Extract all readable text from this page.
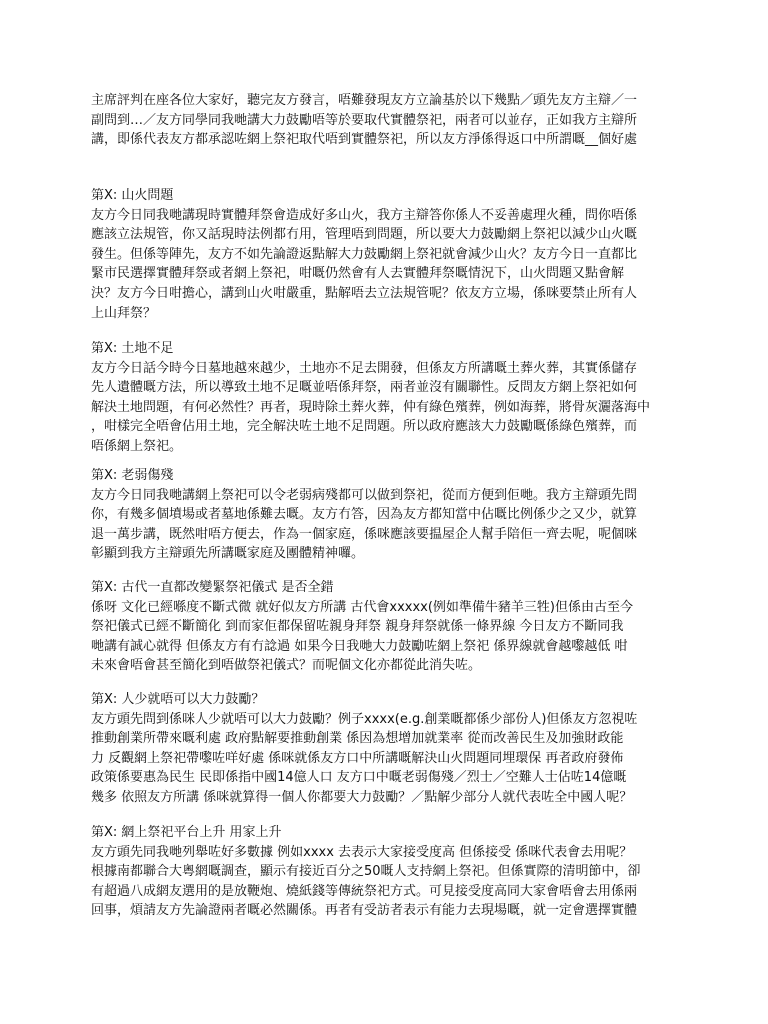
主席評判在座各位大家好，聽完友方發言，唔難發現友方立論基於以下幾點／頭先友方主辯／一
副問到…／友方同學同我哋講大力鼓勵唔等於要取代實體祭祀，兩者可以並存，正如我方主辯所
講，即係代表友方都承認咗網上祭祀取代唔到實體祭祀，所以友方淨係得返口中所謂嘅__個好處
第X: 山火問題
友方今日同我哋講現時實體拜祭會造成好多山火，我方主辯答你係人不妥善處理火種，問你唔係
應該立法規管，你又話現時法例都冇用，管理唔到問題，所以要大力鼓勵網上祭祀以減少山火嘅
發生。但係等陣先，友方不如先論證返點解大力鼓勵網上祭祀就會減少山火？友方今日一直都比
緊市民選擇實體拜祭或者網上祭祀，咁嘅仍然會有人去實體拜祭嘅情況下，山火問題又點會解
決？友方今日咁擔心，講到山火咁嚴重，點解唔去立法規管呢？依友方立場，係咪要禁止所有人
上山拜祭？
第X: 土地不足
友方今日話今時今日墓地越來越少，土地亦不足去開發，但係友方所講嘅土葬火葬，其實係儲存
先人遺體嘅方法，所以導致土地不足嘅並唔係拜祭，兩者並沒有關聯性。反問友方網上祭祀如何
解決土地問題，有何必然性？再者，現時除土葬火葬，仲有綠色殯葬，例如海葬，將骨灰灑落海中
，咁樣完全唔會佔用土地，完全解決咗土地不足問題。所以政府應該大力鼓勵嘅係綠色殯葬，而
唔係網上祭祀。
第X: 老弱傷殘
友方今日同我哋講網上祭祀可以令老弱病殘都可以做到祭祀，從而方便到佢哋。我方主辯頭先問
你，有幾多個墳場或者墓地係難去嘅。友方冇答，因為友方都知當中佔嘅比例係少之又少，就算
退一萬步講，既然咁唔方便去，作為一個家庭，係咪應該要揾屋企人幫手陪佢一齊去呢，呢個咪
彰顯到我方主辯頭先所講嘅家庭及團體精神囉。
第X: 古代一直都改變緊祭祀儀式 是否全錯
係呀 文化已經喺度不斷式微 就好似友方所講 古代會xxxxx(例如準備牛豬羊三牲)但係由古至今
祭祀儀式已經不斷簡化 到而家佢都保留咗親身拜祭 親身拜祭就係一條界線 今日友方不斷同我
哋講有誠心就得 但係友方有冇諗過 如果今日我哋大力鼓勵咗網上祭祀 係界線就會越嚟越低 咁
未來會唔會甚至簡化到唔做祭祀儀式？而呢個文化亦都從此消失咗。
第X: 人少就唔可以大力鼓勵？
友方頭先問到係咪人少就唔可以大力鼓勵？例子xxxx(e.g.創業嘅都係少部份人)但係友方忽視咗
推動創業所帶來嘅利處 政府點解要推動創業 係因為想增加就業率 從而改善民生及加強財政能
力 反觀網上祭祀帶嚟咗咩好處 係咪就係友方口中所講嘅解決山火問題同埋環保 再者政府發佈
政策係要惠為民生 民即係指中國14億人口 友方口中嘅老弱傷殘／烈士／空難人士佔咗14億嘅
幾多 依照友方所講 係咪就算得一個人你都要大力鼓勵？／點解少部分人就代表咗全中國人呢？
第X: 網上祭祀平台上升 用家上升
友方頭先同我哋列舉咗好多數據 例如xxxx 去表示大家接受度高 但係接受 係咪代表會去用呢？
根據南都聯合大粵網嘅調查，顯示有接近百分之50嘅人支持網上祭祀。但係實際的清明節中，卻
有超過八成網友選用的是放鞭炮、燒紙錢等傳統祭祀方式。可見接受度高同大家會唔會去用係兩
回事，煩請友方先論證兩者嘅必然關係。再者有受訪者表示有能力去現場嘅，就一定會選擇實體
